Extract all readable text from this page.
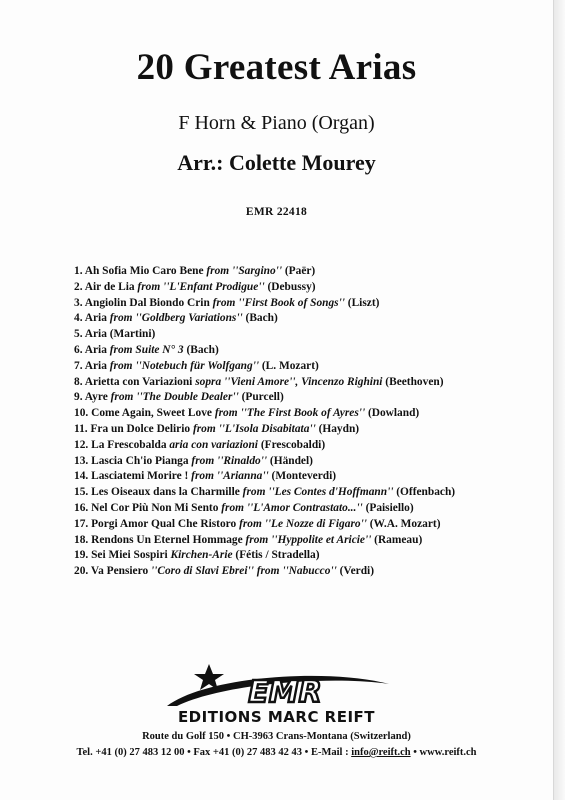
20 Greatest Arias
F Horn & Piano (Organ)
Arr.: Colette Mourey
EMR 22418
1. Ah Sofia Mio Caro Bene from ''Sargino'' (Paër)
2. Air de Lia from ''L'Enfant Prodigue'' (Debussy)
3. Angiolin Dal Biondo Crin from ''First Book of Songs'' (Liszt)
4. Aria from ''Goldberg Variations'' (Bach)
5. Aria (Martini)
6. Aria from Suite N° 3 (Bach)
7. Aria from ''Notebuch für Wolfgang'' (L. Mozart)
8. Arietta con Variazioni sopra ''Vieni Amore'', Vincenzo Righini (Beethoven)
9. Ayre from ''The Double Dealer'' (Purcell)
10. Come Again, Sweet Love from ''The First Book of Ayres'' (Dowland)
11. Fra un Dolce Delirio from ''L'Isola Disabitata'' (Haydn)
12. La Frescobalda aria con variazioni (Frescobaldi)
13. Lascia Ch'io Pianga from ''Rinaldo'' (Händel)
14. Lasciatemi Morire ! from ''Arianna'' (Monteverdi)
15. Les Oiseaux dans la Charmille from ''Les Contes d'Hoffmann'' (Offenbach)
16. Nel Cor Più Non Mi Sento from ''L'Amor Contrastato...'' (Paisiello)
17. Porgi Amor Qual Che Ristoro from ''Le Nozze di Figaro'' (W.A. Mozart)
18. Rendons Un Eternel Hommage from ''Hyppolite et Aricie'' (Rameau)
19. Sei Miei Sospiri Kirchen-Arie (Fétis / Stradella)
20. Va Pensiero ''Coro di Slavi Ebrei'' from ''Nabucco'' (Verdi)
EMR
EDITIONS MARC REIFT
Route du Golf 150 • CH-3963 Crans-Montana (Switzerland)
Tel. +41 (0) 27 483 12 00 • Fax +41 (0) 27 483 42 43 • E-Mail : info@reift.ch • www.reift.ch
